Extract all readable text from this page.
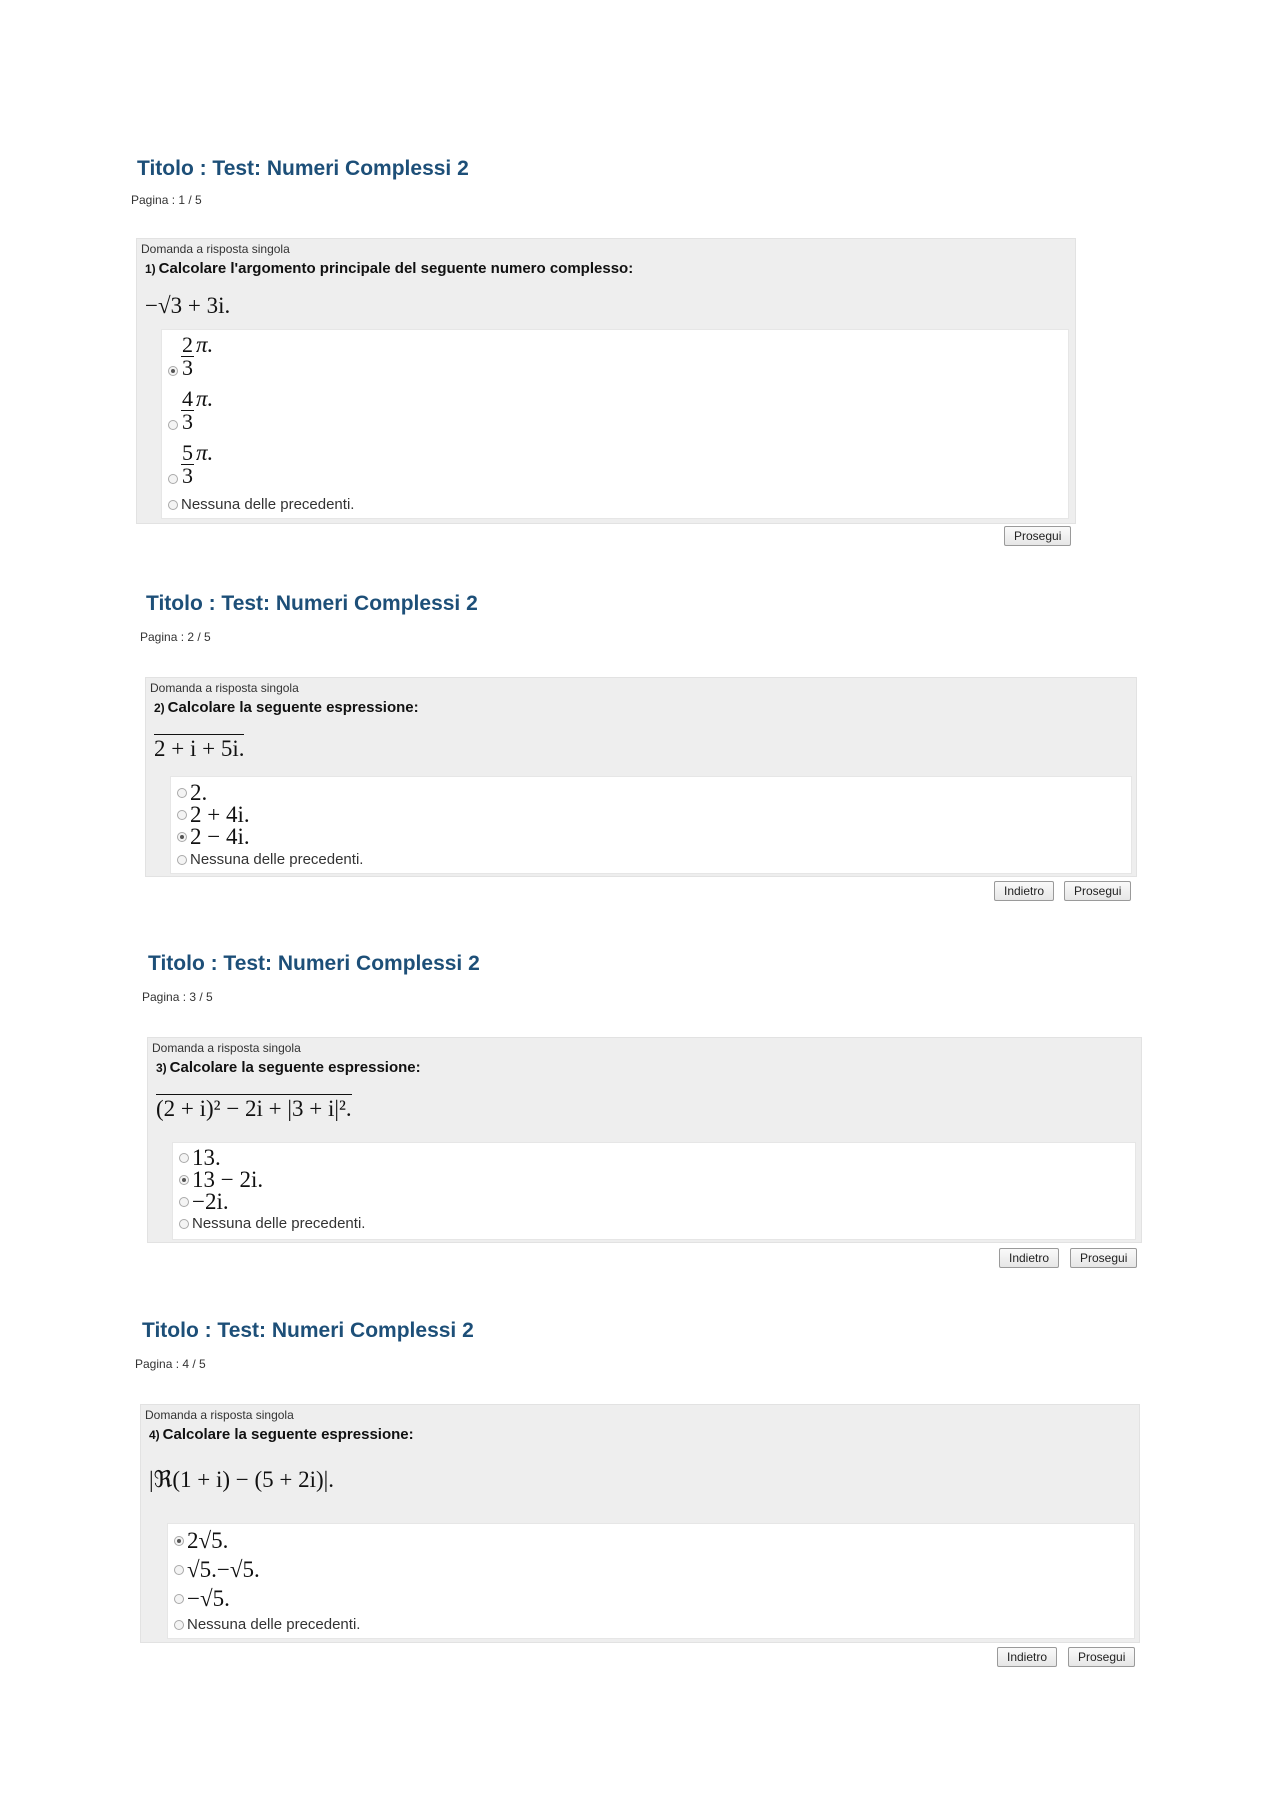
Titolo : Test: Numeri Complessi 2
Pagina : 1 / 5
Domanda a risposta singola
1) Calcolare l'argomento principale del seguente numero complesso:
−√3 + 3i.
$\frac{2}{3} \pi$.
$\frac{4}{3} \pi$.
$\frac{5}{3} \pi$.
Nessuna delle precedenti.
Prosegui
Titolo : Test: Numeri Complessi 2
Pagina : 2 / 5
Domanda a risposta singola
2) Calcolare la seguente espressione:
2 + i + 5i.
2.
2 + 4i.
2 − 4i.
Nessuna delle precedenti.
Indietro	Prosegui
Titolo : Test: Numeri Complessi 2
Pagina : 3 / 5
Domanda a risposta singola
3) Calcolare la seguente espressione:
(2 + i)² − 2i + |3 + i|².
13.
13 − 2i.
−2i.
Nessuna delle precedenti.
Indietro	Prosegui
Titolo : Test: Numeri Complessi 2
Pagina : 4 / 5
Domanda a risposta singola
4) Calcolare la seguente espressione:
|ℜ(1 + i) − (5 + 2i)|.
2√5.
√5.−√5.
−√5.
Nessuna delle precedenti.
Indietro	Prosegui
